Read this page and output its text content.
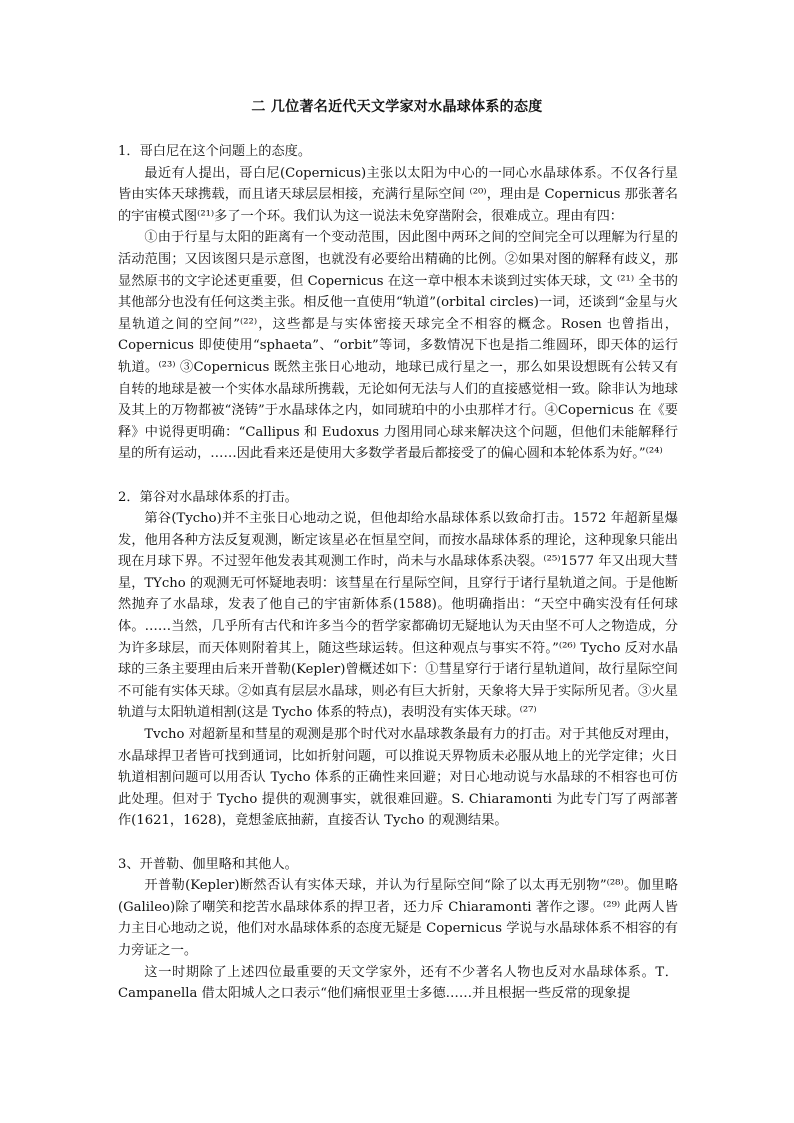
二 几位著名近代天文学家对水晶球体系的态度

1．哥白尼在这个问题上的态度。

最近有人提出，哥白尼(Copernicus)主张以太阳为中心的一同心水晶球体系。不仅各行星皆由实体天球携载，而且诸天球层层相接，充满行星际空间 ⁽²⁰⁾，理由是 Copernicus 那张著名的宇宙模式图⁽²¹⁾多了一个环。我们认为这一说法未免穿凿附会，很难成立。理由有四：

①由于行星与太阳的距离有一个变动范围，因此图中两环之间的空间完全可以理解为行星的活动范围；又因该图只是示意图，也就没有必要给出精确的比例。②如果对图的解释有歧义，那显然原书的文字论述更重要，但 Copernicus 在这一章中根本未谈到过实体天球，文 ⁽²¹⁾ 全书的其他部分也没有任何这类主张。相反他一直使用“轨道”(orbital circles)一词，还谈到“金星与火星轨道之间的空间”⁽²²⁾，这些都是与实体密接天球完全不相容的概念。Rosen 也曾指出，Copernicus 即使使用“sphaeta”、“orbit”等词，多数情况下也是指二维圆环，即天体的运行轨道。⁽²³⁾ ③Copernicus 既然主张日心地动，地球已成行星之一，那么如果设想既有公转又有自转的地球是被一个实体水晶球所携载，无论如何无法与人们的直接感觉相一致。除非认为地球及其上的万物都被“浇铸”于水晶球体之内，如同琥珀中的小虫那样才行。④Copernicus 在《要释》中说得更明确：“Callipus 和 Eudoxus 力图用同心球来解决这个问题，但他们未能解释行星的所有运动，……因此看来还是使用大多数学者最后都接受了的偏心圆和本轮体系为好。”⁽²⁴⁾

2．第谷对水晶球体系的打击。

第谷(Tycho)并不主张日心地动之说，但他却给水晶球体系以致命打击。1572 年超新星爆发，他用各种方法反复观测，断定该星必在恒星空间，而按水晶球体系的理论，这种现象只能出现在月球下界。不过翌年他发表其观测工作时，尚未与水晶球体系决裂。⁽²⁵⁾1577 年又出现大彗星，TYcho 的观测无可怀疑地表明：该彗星在行星际空间，且穿行于诸行星轨道之间。于是他断然抛弃了水晶球，发表了他自己的宇宙新体系(1588)。他明确指出：“天空中确实没有任何球体。……当然，几乎所有古代和许多当今的哲学家都确切无疑地认为天由坚不可人之物造成，分为许多球层，而天体则附着其上，随这些球运转。但这种观点与事实不符。”⁽²⁶⁾ Tycho 反对水晶球的三条主要理由后来开普勒(Kepler)曾概述如下：①彗星穿行于诸行星轨道间，故行星际空间不可能有实体天球。②如真有层层水晶球，则必有巨大折射，天象将大异于实际所见者。③火星轨道与太阳轨道相割(这是 Tycho 体系的特点)，表明没有实体天球。⁽²⁷⁾

Tvcho 对超新星和彗星的观测是那个时代对水晶球教条最有力的打击。对于其他反对理由，水晶球捍卫者皆可找到通词，比如折射问题，可以推说天界物质未必服从地上的光学定律；火日轨道相割问题可以用否认 Tycho 体系的正确性来回避；对日心地动说与水晶球的不相容也可仿此处理。但对于 Tycho 提供的观测事实，就很难回避。S. Chiaramonti 为此专门写了两部著作(1621，1628)，竟想釜底抽薪，直接否认 Tycho 的观测结果。

3、开普勒、伽里略和其他人。

开普勒(Kepler)断然否认有实体天球，并认为行星际空间“除了以太再无别物”⁽²⁸⁾。伽里略(Galileo)除了嘲笑和挖苦水晶球体系的捍卫者，还力斥 Chiaramonti 著作之谬。⁽²⁹⁾ 此两人皆力主日心地动之说，他们对水晶球体系的态度无疑是 Copernicus 学说与水晶球体系不相容的有力旁证之一。

这一时期除了上述四位最重要的天文学家外，还有不少著名人物也反对水晶球体系。T．Campanella 借太阳城人之口表示“他们痛恨亚里士多德……并且根据一些反常的现象提
